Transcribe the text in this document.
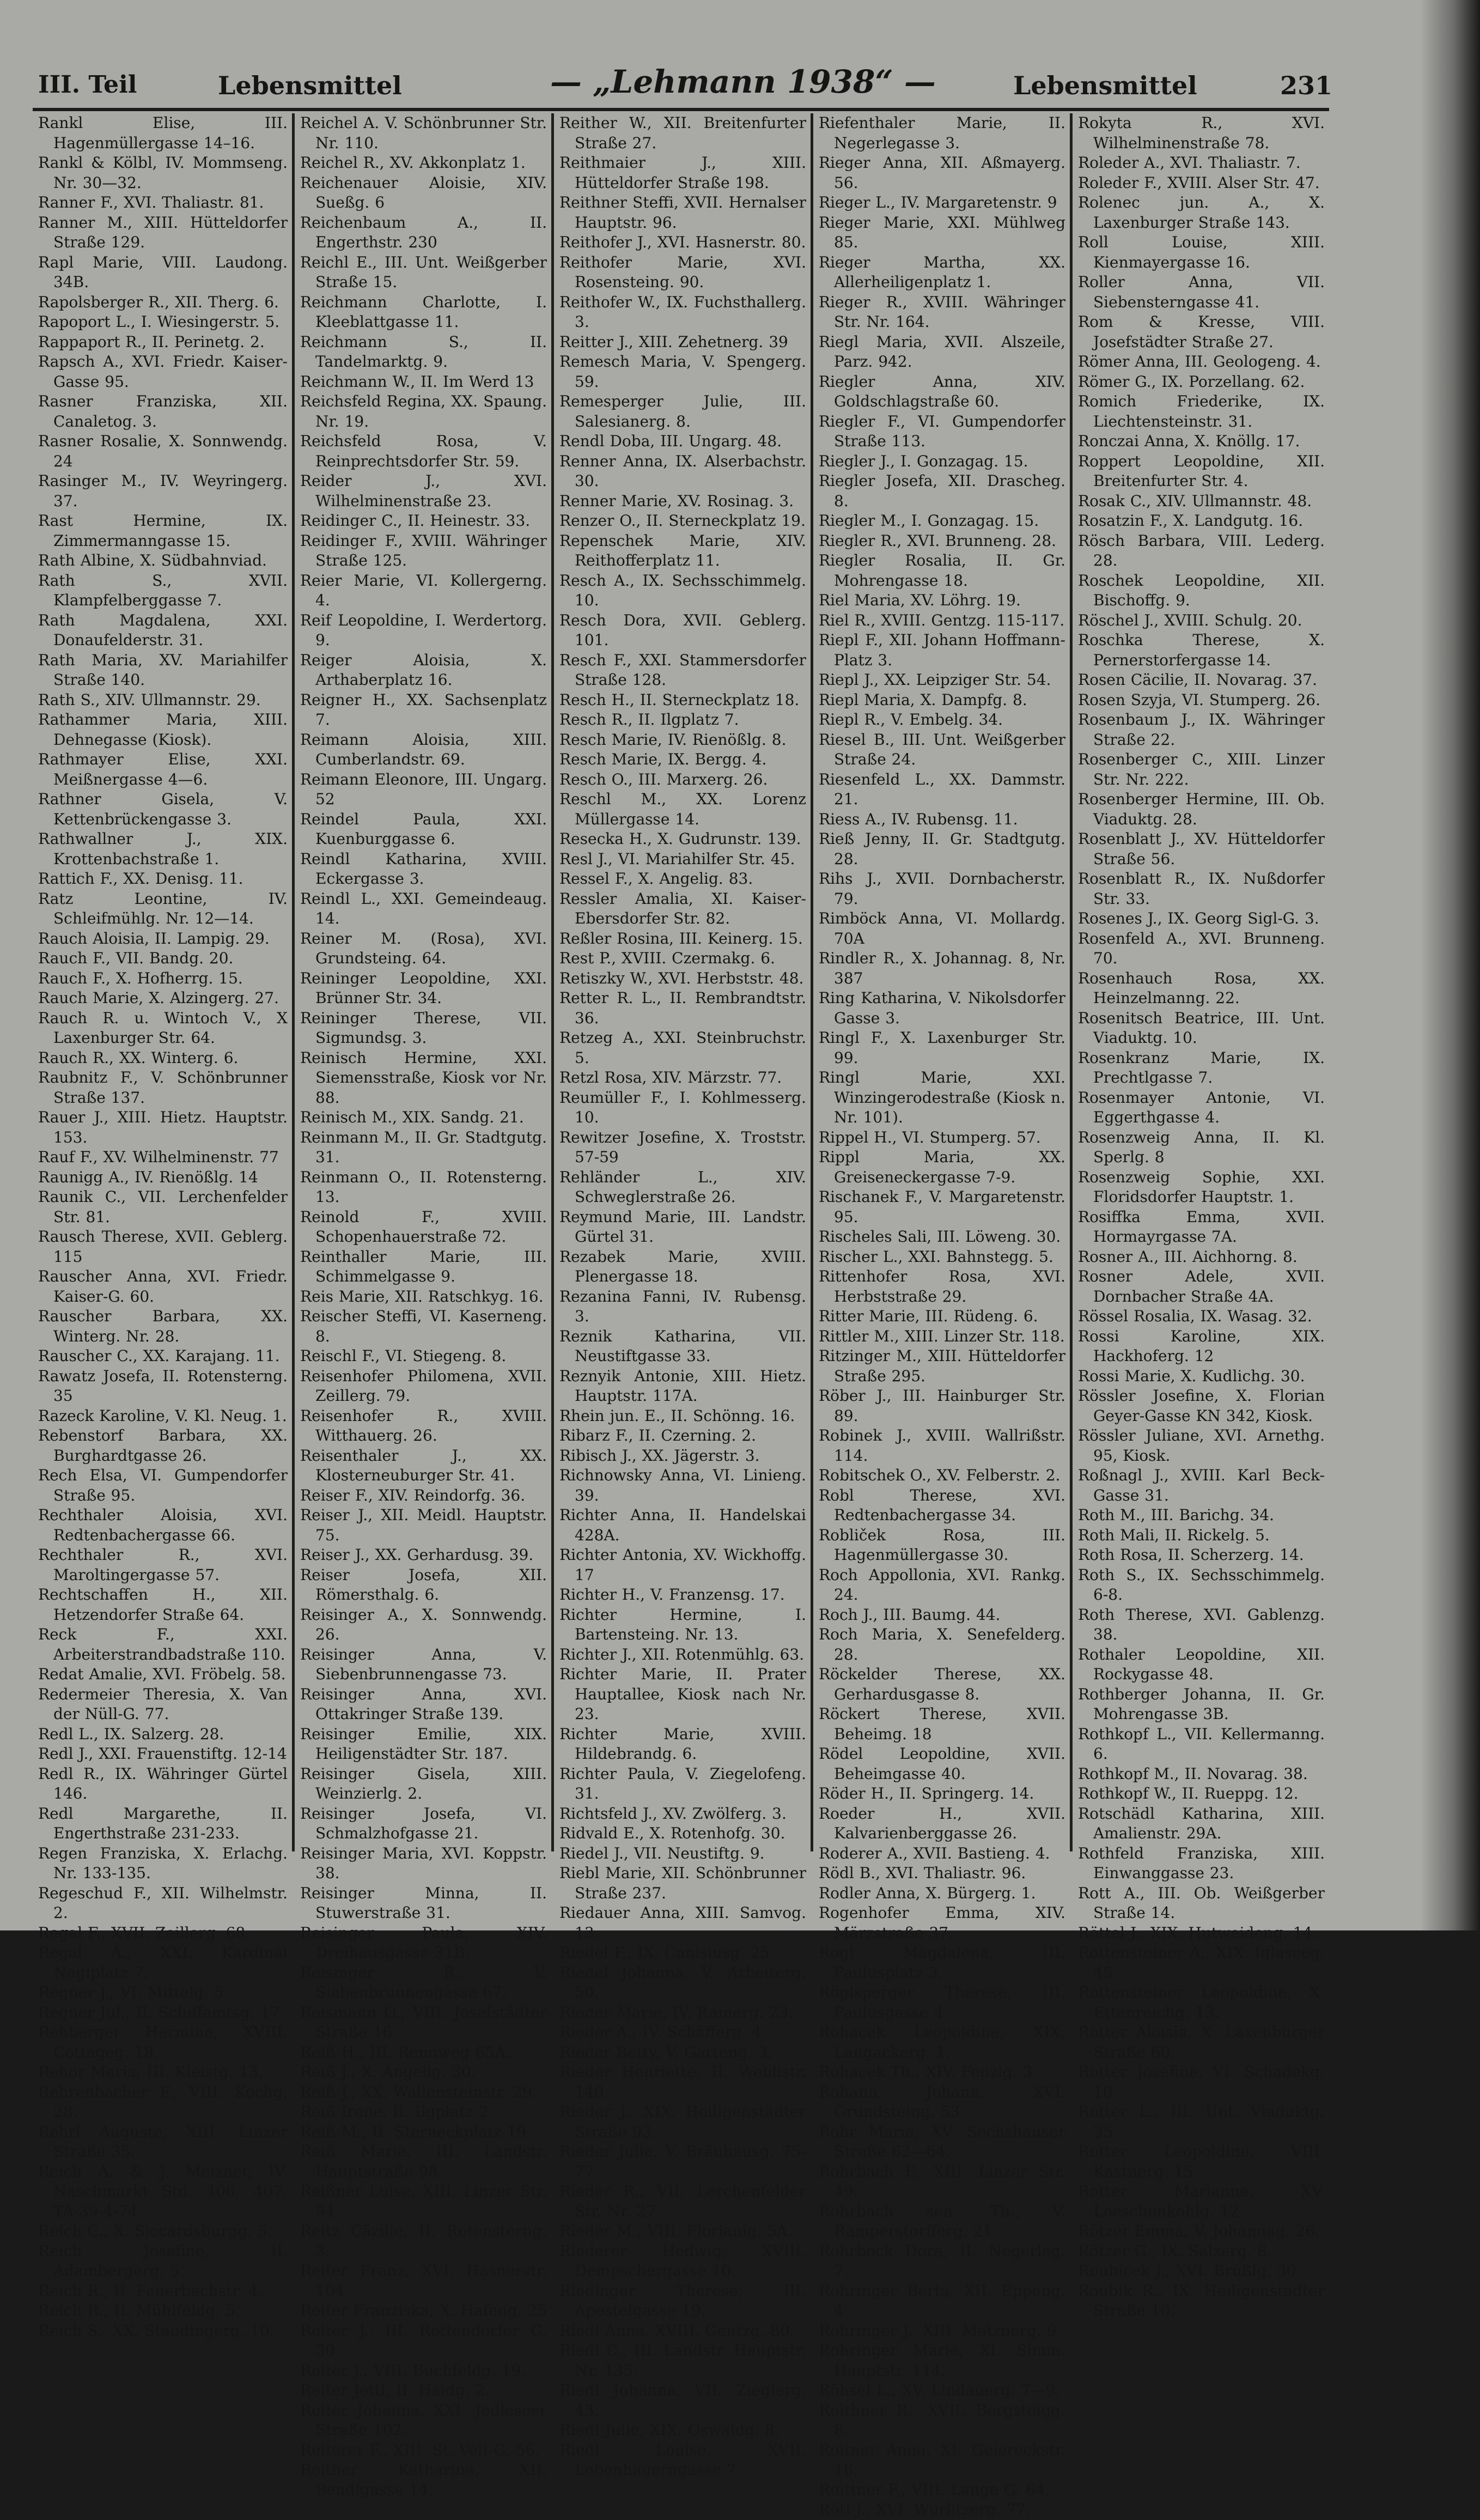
III. Teil	Lebensmittel	— „Lehmann 1938“ —	Lebensmittel	231
Rankl Elise, III. Hagenmüllergasse 14–16.
Rankl & Kölbl, IV. Mommseng. Nr. 30—32.
Ranner F., XVI. Thaliastr. 81.
Ranner M., XIII. Hütteldorfer Straße 129.
Rapl Marie, VIII. Laudong. 34B.
Rapolsberger R., XII. Therg. 6.
Rapoport L., I. Wiesingerstr. 5.
Rappaport R., II. Perinetg. 2.
Rapsch A., XVI. Friedr. Kaiser-Gasse 95.
Rasner Franziska, XII. Canaletog. 3.
Rasner Rosalie, X. Sonnwendg. 24
Rasinger M., IV. Weyringerg. 37.
Rast Hermine, IX. Zimmermanngasse 15.
Rath Albine, X. Südbahnviad.
Rath S., XVII. Klampfelberggasse 7.
Rath Magdalena, XXI. Donaufelderstr. 31.
Rath Maria, XV. Mariahilfer Straße 140.
Rath S., XIV. Ullmannstr. 29.
Rathammer Maria, XIII. Dehnegasse (Kiosk).
Rathmayer Elise, XXI. Meißnergasse 4—6.
Rathner Gisela, V. Kettenbrückengasse 3.
Rathwallner J., XIX. Krottenbachstraße 1.
Rattich F., XX. Denisg. 11.
Ratz Leontine, IV. Schleifmühlg. Nr. 12—14.
Rauch Aloisia, II. Lampig. 29.
Rauch F., VII. Bandg. 20.
Rauch F., X. Hofherrg. 15.
Rauch Marie, X. Alzingerg. 27.
Rauch R. u. Wintoch V., X Laxenburger Str. 64.
Rauch R., XX. Winterg. 6.
Raubnitz F., V. Schönbrunner Straße 137.
Rauer J., XIII. Hietz. Hauptstr. 153.
Rauf F., XV. Wilhelminenstr. 77
Raunigg A., IV. Rienößlg. 14
Raunik C., VII. Lerchenfelder Str. 81.
Rausch Therese, XVII. Geblerg. 115
Rauscher Anna, XVI. Friedr. Kaiser-G. 60.
Rauscher Barbara, XX. Winterg. Nr. 28.
Rauscher C., XX. Karajang. 11.
Rawatz Josefa, II. Rotensterng. 35
Razeck Karoline, V. Kl. Neug. 1.
Rebenstorf Barbara, XX. Burghardtgasse 26.
Rech Elsa, VI. Gumpendorfer Straße 95.
Rechthaler Aloisia, XVI. Redtenbachergasse 66.
Rechthaler R., XVI. Maroltingergasse 57.
Rechtschaffen H., XII. Hetzendorfer Straße 64.
Reck F., XXI. Arbeiterstrandbadstraße 110.
Redat Amalie, XVI. Fröbelg. 58.
Redermeier Theresia, X. Van der Nüll-G. 77.
Redl L., IX. Salzerg. 28.
Redl J., XXI. Frauenstiftg. 12-14
Redl R., IX. Währinger Gürtel 146.
Redl Margarethe, II. Engerthstraße 231-233.
Regen Franziska, X. Erlachg. Nr. 133-135.
Regeschud F., XII. Wilhelmstr. 2.
Regal F., XVII. Zeillerg. 68.
Regal A., XXI. Kardinal Naglplatz 7.
Regner J., VI. Mittelg. 5.
Regner Jul., II. Schiffamtsg. 17.
Rehberger Hermine, XVIII. Cottageg. 18.
Rehor Maria, III. Kleistg. 13.
Rehrenbacher F., VIII. Kochg. 28.
Rehrl Auguste, XIII. Linzer Straße 35.
Reich A. & J. Meizner, IV. Naschmarkt Std. 406, 407, TA-39-4-74
Reich C., X. Siccardsburgg. 5.
Reich Josefine, II. Adambergerg. 5.
Reich R., II. Feuerbachstr. 4.
Reich R., II. Mühlfeldg. 5.
Reich S., XX. Staudingerg. 10.
Reichel A. V. Schönbrunner Str. Nr. 110.
Reichel R., XV. Akkonplatz 1.
Reichenauer Aloisie, XIV. Sueßg. 6
Reichenbaum A., II. Engerthstr. 230
Reichl E., III. Unt. Weißgerber Straße 15.
Reichmann Charlotte, I. Kleeblattgasse 11.
Reichmann S., II. Tandelmarktg. 9.
Reichmann W., II. Im Werd 13
Reichsfeld Regina, XX. Spaung. Nr. 19.
Reichsfeld Rosa, V. Reinprechtsdorfer Str. 59.
Reider J., XVI. Wilhelminenstraße 23.
Reidinger C., II. Heinestr. 33.
Reidinger F., XVIII. Währinger Straße 125.
Reier Marie, VI. Kollergerng. 4.
Reif Leopoldine, I. Werdertorg. 9.
Reiger Aloisia, X. Arthaberplatz 16.
Reigner H., XX. Sachsenplatz 7.
Reimann Aloisia, XIII. Cumberlandstr. 69.
Reimann Eleonore, III. Ungarg. 52
Reindel Paula, XXI. Kuenburggasse 6.
Reindl Katharina, XVIII. Eckergasse 3.
Reindl L., XXI. Gemeindeaug. 14.
Reiner M. (Rosa), XVI. Grundsteing. 64.
Reininger Leopoldine, XXI. Brünner Str. 34.
Reininger Therese, VII. Sigmundsg. 3.
Reinisch Hermine, XXI. Siemensstraße, Kiosk vor Nr. 88.
Reinisch M., XIX. Sandg. 21.
Reinmann M., II. Gr. Stadtgutg. 31.
Reinmann O., II. Rotensterng. 13.
Reinold F., XVIII. Schopenhauerstraße 72.
Reinthaller Marie, III. Schimmelgasse 9.
Reis Marie, XII. Ratschkyg. 16.
Reischer Steffi, VI. Kaserneng. 8.
Reischl F., VI. Stiegeng. 8.
Reisenhofer Philomena, XVII. Zeillerg. 79.
Reisenhofer R., XVIII. Witthauerg. 26.
Reisenthaler J., XX. Klosterneuburger Str. 41.
Reiser F., XIV. Reindorfg. 36.
Reiser J., XII. Meidl. Hauptstr. 75.
Reiser J., XX. Gerhardusg. 39.
Reiser Josefa, XII. Römersthalg. 6.
Reisinger A., X. Sonnwendg. 26.
Reisinger Anna, V. Siebenbrunnengasse 73.
Reisinger Anna, XVI. Ottakringer Straße 139.
Reisinger Emilie, XIX. Heiligenstädter Str. 187.
Reisinger Gisela, XIII. Weinzierlg. 2.
Reisinger Josefa, VI. Schmalzhofgasse 21.
Reisinger Maria, XVI. Koppstr. 38.
Reisinger Minna, II. Stuwerstraße 31.
Reisinger Paula, XIV. Dreihausgasse 31B.
Reisinger R., V. Siebenbrunnengasse 67.
Reismann O., VIII. Josefstädter Straße 16.
Reiß H., III. Rennweg 65A.
Reiß J., X. Angelig. 30.
Reiß J., XX. Wallensteinstr. 29.
Reiß Irene, II. Ilgplatz 2.
Reiß M., II. Sterneckplatz 19.
Reiß Marie, III. Landstr. Hauptstraße 98.
Reißner Luise, XIII. Linzer Str. 94.
Reitz Cäzilie, II. Rotensterng. 3.
Reiter Franz, XVI. Hasnerstr. 104.
Reiter Franziska, X. Hafeng. 25
Reiter J., III. Rottendorfer G. 30
Reiter J., VIII. Buchfeldg. 19.
Reiter Jetti, II. Haidg. 2.
Reiter Johanna, XXI. Jedleseer Straße 102.
Reiterer F., XIII. St. Veit-G. 56.
Reither Katharina, XII. Bendlgasse 14.
Reither W., XII. Breitenfurter Straße 27.
Reithmaier J., XIII. Hütteldorfer Straße 198.
Reithner Steffi, XVII. Hernalser Hauptstr. 96.
Reithofer J., XVI. Hasnerstr. 80.
Reithofer Marie, XVI. Rosensteing. 90.
Reithofer W., IX. Fuchsthallerg. 3.
Reitter J., XIII. Zehetnerg. 39
Remesch Maria, V. Spengerg. 59.
Remesperger Julie, III. Salesianerg. 8.
Rendl Doba, III. Ungarg. 48.
Renner Anna, IX. Alserbachstr. 30.
Renner Marie, XV. Rosinag. 3.
Renzer O., II. Sterneckplatz 19.
Repenschek Marie, XIV. Reithofferplatz 11.
Resch A., IX. Sechsschimmelg. 10.
Resch Dora, XVII. Geblerg. 101.
Resch F., XXI. Stammersdorfer Straße 128.
Resch H., II. Sterneckplatz 18.
Resch R., II. Ilgplatz 7.
Resch Marie, IV. Rienößlg. 8.
Resch Marie, IX. Bergg. 4.
Resch O., III. Marxerg. 26.
Reschl M., XX. Lorenz Müllergasse 14.
Resecka H., X. Gudrunstr. 139.
Resl J., VI. Mariahilfer Str. 45.
Ressel F., X. Angelig. 83.
Ressler Amalia, XI. Kaiser-Ebersdorfer Str. 82.
Reßler Rosina, III. Keinerg. 15.
Rest P., XVIII. Czermakg. 6.
Retiszky W., XVI. Herbststr. 48.
Retter R. L., II. Rembrandtstr. 36.
Retzeg A., XXI. Steinbruchstr. 5.
Retzl Rosa, XIV. Märzstr. 77.
Reumüller F., I. Kohlmesserg. 10.
Rewitzer Josefine, X. Troststr. 57-59
Rehländer L., XIV. Schweglerstraße 26.
Reymund Marie, III. Landstr. Gürtel 31.
Rezabek Marie, XVIII. Plenergasse 18.
Rezanina Fanni, IV. Rubensg. 3.
Reznik Katharina, VII. Neustiftgasse 33.
Reznyik Antonie, XIII. Hietz. Hauptstr. 117A.
Rhein jun. E., II. Schönng. 16.
Ribarz F., II. Czerning. 2.
Ribisch J., XX. Jägerstr. 3.
Richnowsky Anna, VI. Linieng. 39.
Richter Anna, II. Handelskai 428A.
Richter Antonia, XV. Wickhoffg. 17
Richter H., V. Franzensg. 17.
Richter Hermine, I. Bartensteing. Nr. 13.
Richter J., XII. Rotenmühlg. 63.
Richter Marie, II. Prater Hauptallee, Kiosk nach Nr. 23.
Richter Marie, XVIII. Hildebrandg. 6.
Richter Paula, V. Ziegelofeng. 31.
Richtsfeld J., XV. Zwölferg. 3.
Ridvald E., X. Rotenhofg. 30.
Riedel J., VII. Neustiftg. 9.
Riebl Marie, XII. Schönbrunner Straße 237.
Riedauer Anna, XIII. Samvog. 13.
Riedel F., IX. Canisiusg. 25.
Riedel Johanna, V. Arbeiterg. 50.
Rieder Marie, IV. Rainerg. 23.
Rieder A., IV. Schäfferg. 4
Rieder Betty, V. Garteng. 3.
Rieder Henriette, II. Weblistr. 140.
Rieder J., XIX. Heiligenstädter Straße 93.
Rieder Julie, V. Bräuhausg. 75-77.
Rieder R., VII. Lerchenfelder Str. Nr. 27.
Rieder M., VIII. Florianig. 5A.
Riederer Hedwig, XVIII. Dempschergasse 10.
Riedinger Therese, III. Apostelgasse 19.
Riedl Anna, XVIII. Gentzg. 80.
Riedl C., III. Landstr. Hauptstr. Nr. 135.
Riedl Johanna, VII. Zieglerg. 43.
Riedl Julie, XIX. Oswaldg. 8.
Riedl Louise, XVII. Lobenhauerngasse 7.
Riefenthaler Marie, II. Negerlegasse 3.
Rieger Anna, XII. Aßmayerg. 56.
Rieger L., IV. Margaretenstr. 9
Rieger Marie, XXI. Mühlweg 85.
Rieger Martha, XX. Allerheiligenplatz 1.
Rieger R., XVIII. Währinger Str. Nr. 164.
Riegl Maria, XVII. Alszeile, Parz. 942.
Riegler Anna, XIV. Goldschlagstraße 60.
Riegler F., VI. Gumpendorfer Straße 113.
Riegler J., I. Gonzagag. 15.
Riegler Josefa, XII. Drascheg. 8.
Riegler M., I. Gonzagag. 15.
Riegler R., XVI. Brunneng. 28.
Riegler Rosalia, II. Gr. Mohrengasse 18.
Riel Maria, XV. Löhrg. 19.
Riel R., XVIII. Gentzg. 115-117.
Riepl F., XII. Johann Hoffmann-Platz 3.
Riepl J., XX. Leipziger Str. 54.
Riepl Maria, X. Dampfg. 8.
Riepl R., V. Embelg. 34.
Riesel B., III. Unt. Weißgerber Straße 24.
Riesenfeld L., XX. Dammstr. 21.
Riess A., IV. Rubensg. 11.
Rieß Jenny, II. Gr. Stadtgutg. 28.
Rihs J., XVII. Dornbacherstr. 79.
Rimböck Anna, VI. Mollardg. 70A
Rindler R., X. Johannag. 8, Nr. 387
Ring Katharina, V. Nikolsdorfer Gasse 3.
Ringl F., X. Laxenburger Str. 99.
Ringl Marie, XXI. Winzingerodestraße (Kiosk n. Nr. 101).
Rippel H., VI. Stumperg. 57.
Rippl Maria, XX. Greiseneckergasse 7-9.
Rischanek F., V. Margaretenstr. 95.
Rischeles Sali, III. Löweng. 30.
Rischer L., XXI. Bahnstegg. 5.
Rittenhofer Rosa, XVI. Herbststraße 29.
Ritter Marie, III. Rüdeng. 6.
Rittler M., XIII. Linzer Str. 118.
Ritzinger M., XIII. Hütteldorfer Straße 295.
Röber J., III. Hainburger Str. 89.
Robinek J., XVIII. Wallrißstr. 114.
Robitschek O., XV. Felberstr. 2.
Robl Therese, XVI. Redtenbachergasse 34.
Robliček Rosa, III. Hagenmüllergasse 30.
Roch Appollonia, XVI. Rankg. 24.
Roch J., III. Baumg. 44.
Roch Maria, X. Senefelderg. 28.
Röckelder Therese, XX. Gerhardusgasse 8.
Röckert Therese, XVII. Beheimg. 18
Rödel Leopoldine, XVII. Beheimgasse 40.
Röder H., II. Springerg. 14.
Roeder H., XVII. Kalvarienberggasse 26.
Roderer A., XVII. Bastieng. 4.
Rödl B., XVI. Thaliastr. 96.
Rodler Anna, X. Bürgerg. 1.
Rogenhofer Emma, XIV. Märzstraße 37.
Rogl Magdalena, III. Paulusplatz 3.
Röglsperger Therese, III. Paulusgasse 4.
Rohacek Leopoldine, XIX. Langackerg. 1.
Rohacek Th., XIV. Fenzlg. 3.
Rohann Johann, XVI. Grundsteing. 53.
Rohr Maria, XV. Sechshauser Straße 62—64.
Rohrbach F., XIII. Linzer Str. 49.
Rohrbach sen. Th., V. Ramperstorfferg. 21.
Rohrböck Dora, II. Negerleg. 7.
Rohringer Berta, XII. Eppeng. 4.
Rohringer J., XIII. Matznerg. 9.
Rohringer Marie, XI. Simm. Hauptstr. 114.
Röhsel L., XV. Lindauerg. 7—9.
Roithner R., XVII. Bergsteigg. 8.
Roitner Anna, XI. Geiereckstr. 16.
Roittner F., VIII. Lange G. 64.
Rötl J., XVI. Wurlitzerg. 77.
Rokyta R., XVI. Wilhelminenstraße 78.
Roleder A., XVI. Thaliastr. 7.
Roleder F., XVIII. Alser Str. 47.
Rolenec jun. A., X. Laxenburger Straße 143.
Roll Louise, XIII. Kienmayergasse 16.
Roller Anna, VII. Siebensterngasse 41.
Rom & Kresse, VIII. Josefstädter Straße 27.
Römer Anna, III. Geologeng. 4.
Römer G., IX. Porzellang. 62.
Romich Friederike, IX. Liechtensteinstr. 31.
Ronczai Anna, X. Knöllg. 17.
Roppert Leopoldine, XII. Breitenfurter Str. 4.
Rosak C., XIV. Ullmannstr. 48.
Rosatzin F., X. Landgutg. 16.
Rösch Barbara, VIII. Lederg. 28.
Roschek Leopoldine, XII. Bischoffg. 9.
Röschel J., XVIII. Schulg. 20.
Roschka Therese, X. Pernerstorfergasse 14.
Rosen Cäcilie, II. Novarag. 37.
Rosen Szyja, VI. Stumperg. 26.
Rosenbaum J., IX. Währinger Straße 22.
Rosenberger C., XIII. Linzer Str. Nr. 222.
Rosenberger Hermine, III. Ob. Viaduktg. 28.
Rosenblatt J., XV. Hütteldorfer Straße 56.
Rosenblatt R., IX. Nußdorfer Str. 33.
Rosenes J., IX. Georg Sigl-G. 3.
Rosenfeld A., XVI. Brunneng. 70.
Rosenhauch Rosa, XX. Heinzelmanng. 22.
Rosenitsch Beatrice, III. Unt. Viaduktg. 10.
Rosenkranz Marie, IX. Prechtlgasse 7.
Rosenmayer Antonie, VI. Eggerthgasse 4.
Rosenzweig Anna, II. Kl. Sperlg. 8
Rosenzweig Sophie, XXI. Floridsdorfer Hauptstr. 1.
Rosiffka Emma, XVII. Hormayrgasse 7A.
Rosner A., III. Aichhorng. 8.
Rosner Adele, XVII. Dornbacher Straße 4A.
Rössel Rosalia, IX. Wasag. 32.
Rossi Karoline, XIX. Hackhoferg. 12
Rossi Marie, X. Kudlichg. 30.
Rössler Josefine, X. Florian Geyer-Gasse KN 342, Kiosk.
Rössler Juliane, XVI. Arnethg. 95, Kiosk.
Roßnagl J., XVIII. Karl Beck-Gasse 31.
Roth M., III. Barichg. 34.
Roth Mali, II. Rickelg. 5.
Roth Rosa, II. Scherzerg. 14.
Roth S., IX. Sechsschimmelg. 6-8.
Roth Therese, XVI. Gablenzg. 38.
Rothaler Leopoldine, XII. Rockygasse 48.
Rothberger Johanna, II. Gr. Mohrengasse 3B.
Rothkopf L., VII. Kellermanng. 6.
Rothkopf M., II. Novarag. 38.
Rothkopf W., II. Rueppg. 12.
Rotschädl Katharina, XIII. Amalienstr. 29A.
Rothfeld Franziska, XIII. Einwanggasse 23.
Rott A., III. Ob. Weißgerber Straße 14.
Röttel J., XIX. Hutweideng. 14.
Rottensteiner A., XIX. Iglaseeg. 45
Rottensteiner Leopoldine, X. Ettenreichg. 13.
Rotter Aloisia, X. Laxenburger Straße 60.
Rotter Josefine, VI. Schadekg. 10.
Rotter L., III. Unt. Viaduktg. 35.
Rotter Leopoldine, VIII. Kastnerg. 15.
Rotter Marianne, XV. Loeschenkohlg. 12.
Rötzer Emma, V. Johannag. 26.
Rötzer G., IX. Salzerg. 8.
Roubicek J., XVI. Brüßlg. 30.
Roubik R., IX. Heiligenstädter Straße 10.
